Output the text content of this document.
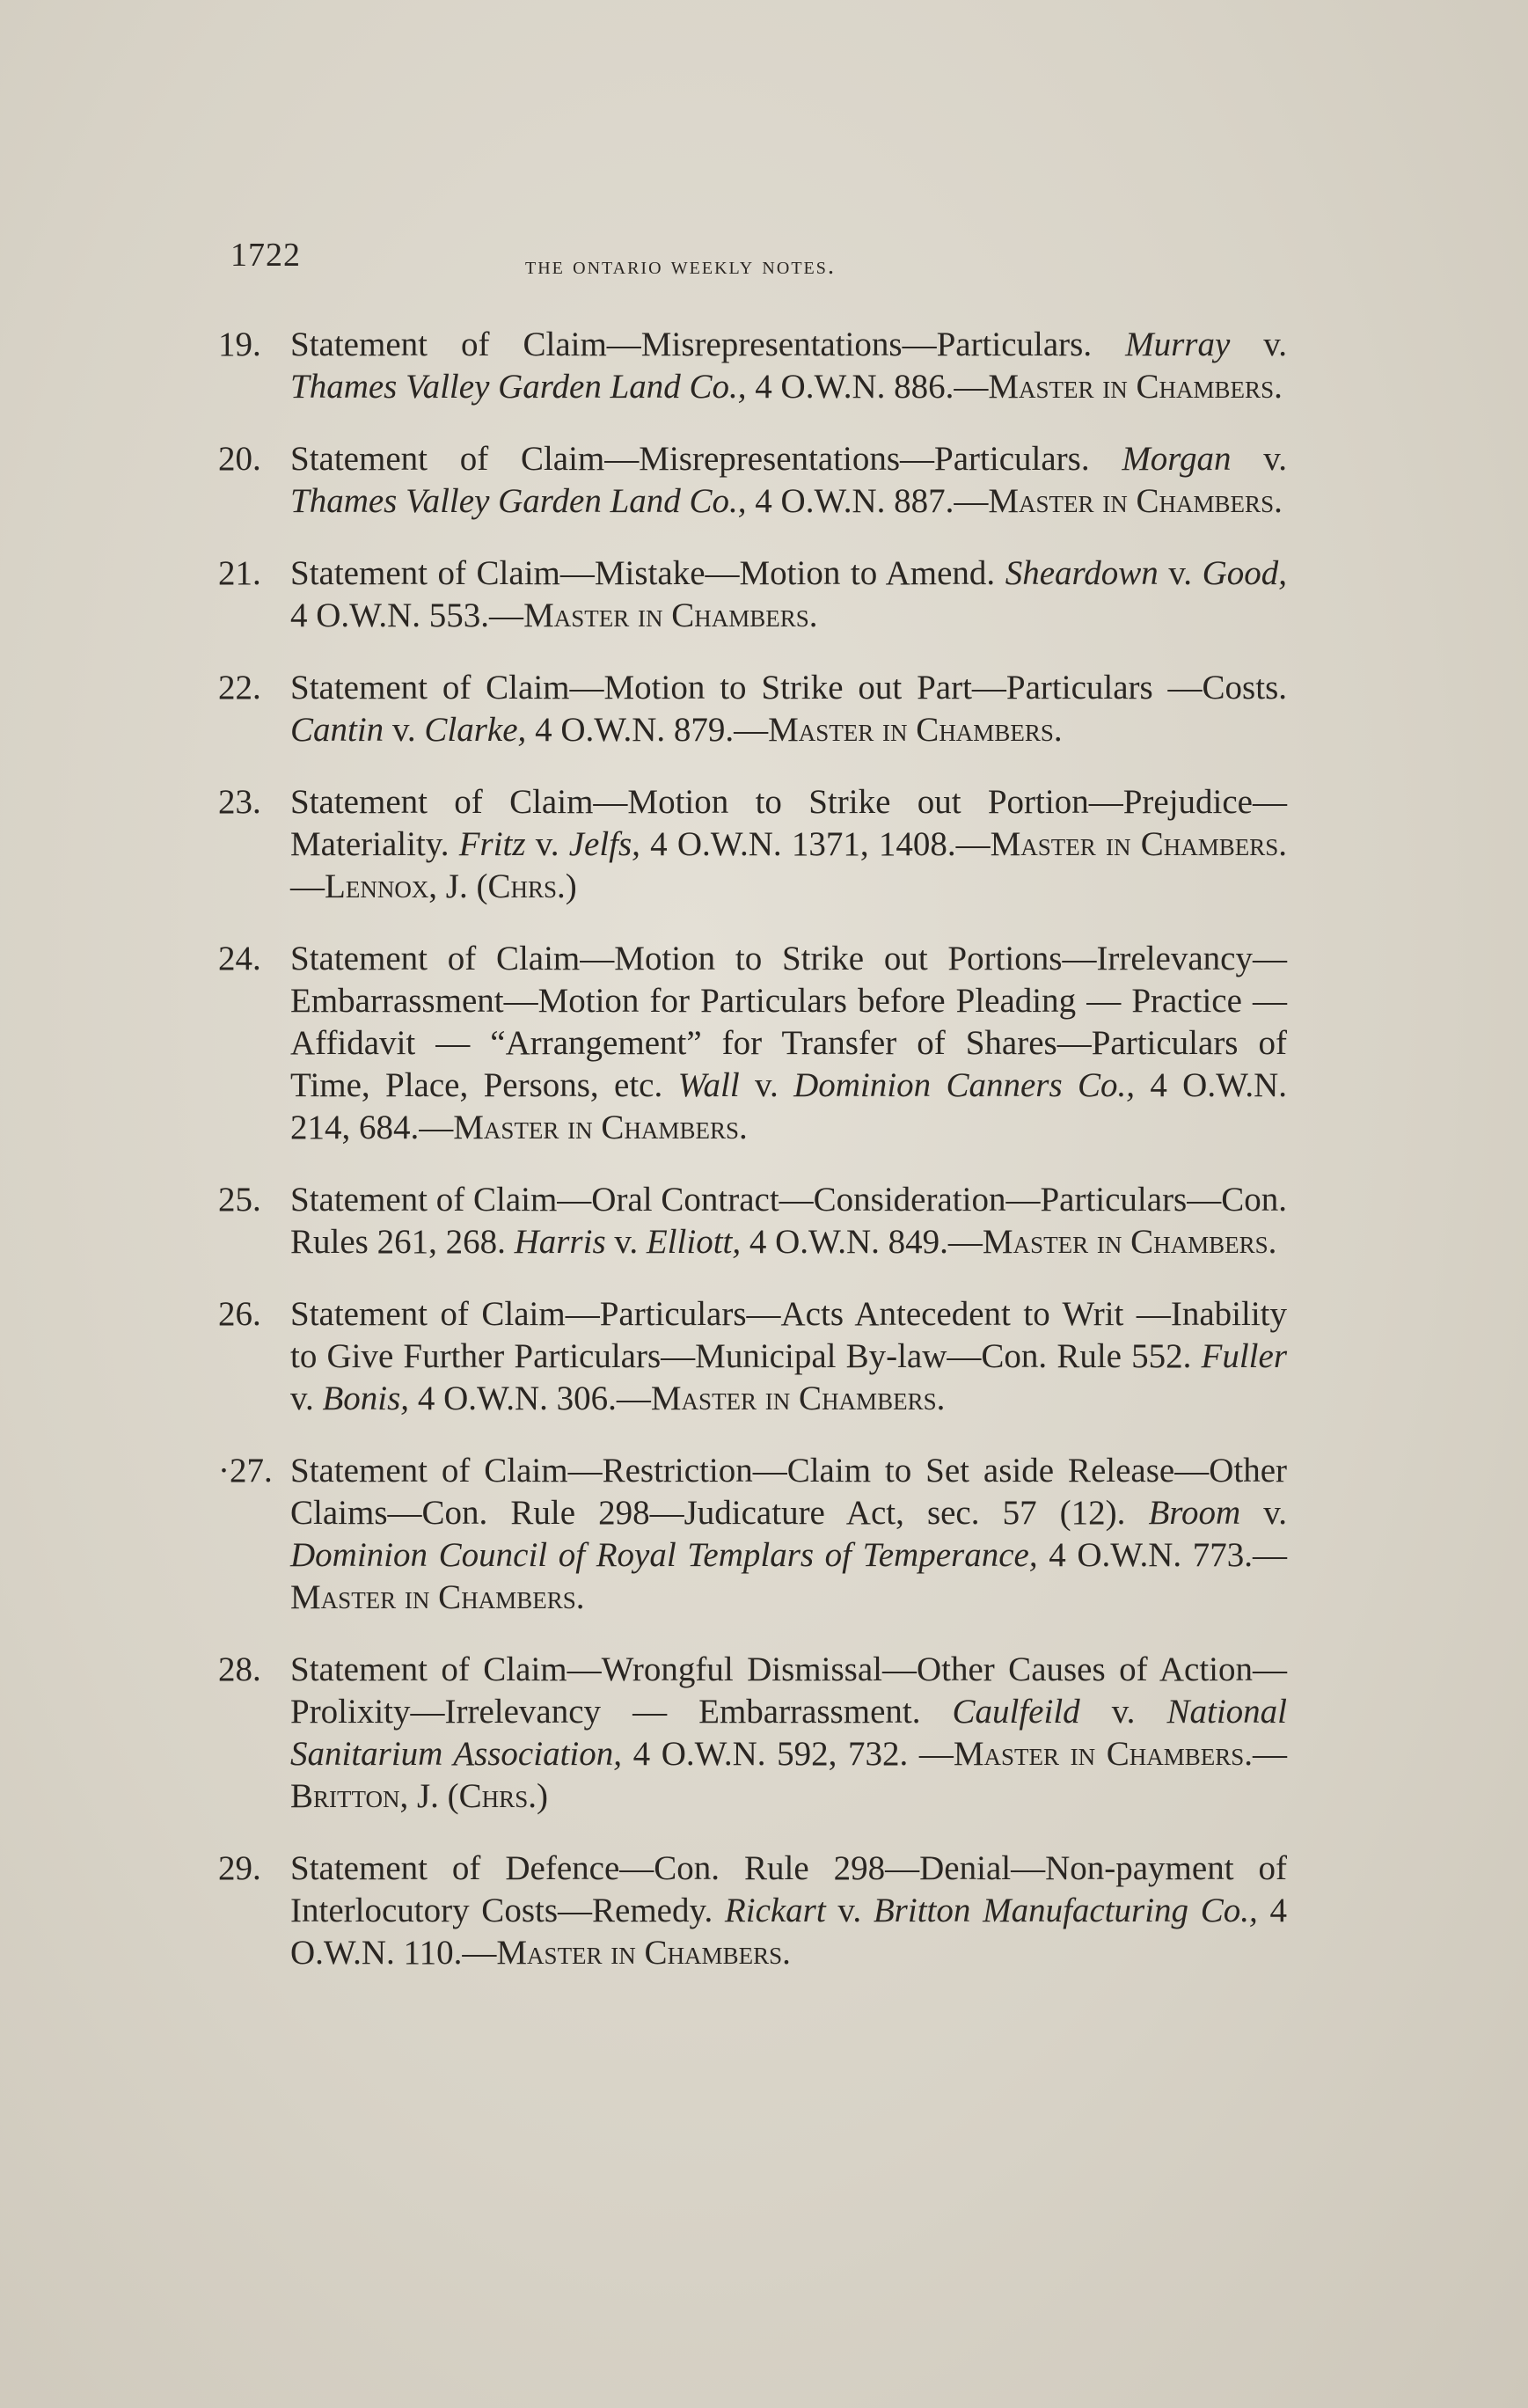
1722	the ontario weekly notes.
19. Statement of Claim—Misrepresentations—Particulars. Murray v. Thames Valley Garden Land Co., 4 O.W.N. 886.—Master in Chambers.
20. Statement of Claim—Misrepresentations—Particulars. Morgan v. Thames Valley Garden Land Co., 4 O.W.N. 887.—Master in Chambers.
21. Statement of Claim—Mistake—Motion to Amend. Sheardown v. Good, 4 O.W.N. 553.—Master in Chambers.
22. Statement of Claim—Motion to Strike out Part—Particulars —Costs. Cantin v. Clarke, 4 O.W.N. 879.—Master in Chambers.
23. Statement of Claim—Motion to Strike out Portion—Prejudice—Materiality. Fritz v. Jelfs, 4 O.W.N. 1371, 1408.—Master in Chambers.—Lennox, J. (Chrs.)
24. Statement of Claim—Motion to Strike out Portions—Irrelevancy—Embarrassment—Motion for Particulars before Pleading — Practice — Affidavit — “Arrangement” for Transfer of Shares—Particulars of Time, Place, Persons, etc. Wall v. Dominion Canners Co., 4 O.W.N. 214, 684.—Master in Chambers.
25. Statement of Claim—Oral Contract—Consideration—Particulars—Con. Rules 261, 268. Harris v. Elliott, 4 O.W.N. 849.—Master in Chambers.
26. Statement of Claim—Particulars—Acts Antecedent to Writ —Inability to Give Further Particulars—Municipal By-law—Con. Rule 552. Fuller v. Bonis, 4 O.W.N. 306.—Master in Chambers.
·27. Statement of Claim—Restriction—Claim to Set aside Release—Other Claims—Con. Rule 298—Judicature Act, sec. 57 (12). Broom v. Dominion Council of Royal Templars of Temperance, 4 O.W.N. 773.—Master in Chambers.
28. Statement of Claim—Wrongful Dismissal—Other Causes of Action—Prolixity—Irrelevancy — Embarrassment. Caulfeild v. National Sanitarium Association, 4 O.W.N. 592, 732. —Master in Chambers.—Britton, J. (Chrs.)
29. Statement of Defence—Con. Rule 298—Denial—Non-payment of Interlocutory Costs—Remedy. Rickart v. Britton Manufacturing Co., 4 O.W.N. 110.—Master in Chambers.
